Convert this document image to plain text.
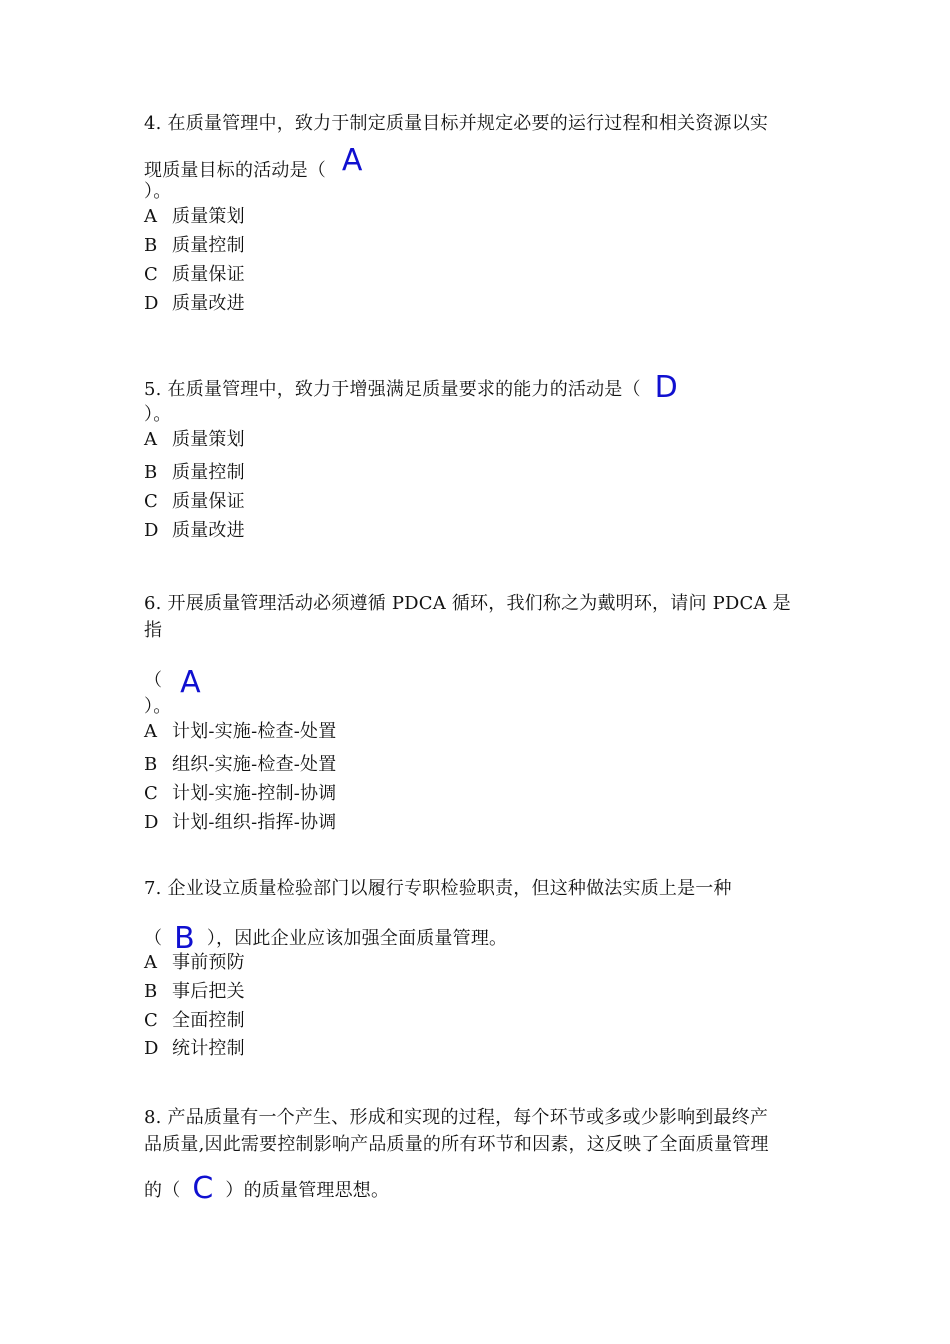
4. 在质量管理中，致力于制定质量目标并规定必要的运行过程和相关资源以实
现质量目标的活动是（ A
）。
A 质量策划
B 质量控制
C 质量保证
D 质量改进
5. 在质量管理中，致力于增强满足质量要求的能力的活动是（ D
）。
A 质量策划
B 质量控制
C 质量保证
D 质量改进
6. 开展质量管理活动必须遵循 PDCA 循环，我们称之为戴明环，请问 PDCA 是
指
（ A
）。
A 计划-实施-检查-处置
B 组织-实施-检查-处置
C 计划-实施-控制-协调
D 计划-组织-指挥-协调
7. 企业设立质量检验部门以履行专职检验职责，但这种做法实质上是一种
（ B ），因此企业应该加强全面质量管理。
A 事前预防
B 事后把关
C 全面控制
D 统计控制
8. 产品质量有一个产生、形成和实现的过程，每个环节或多或少影响到最终产
品质量,因此需要控制影响产品质量的所有环节和因素，这反映了全面质量管理
的（ C ）的质量管理思想。
